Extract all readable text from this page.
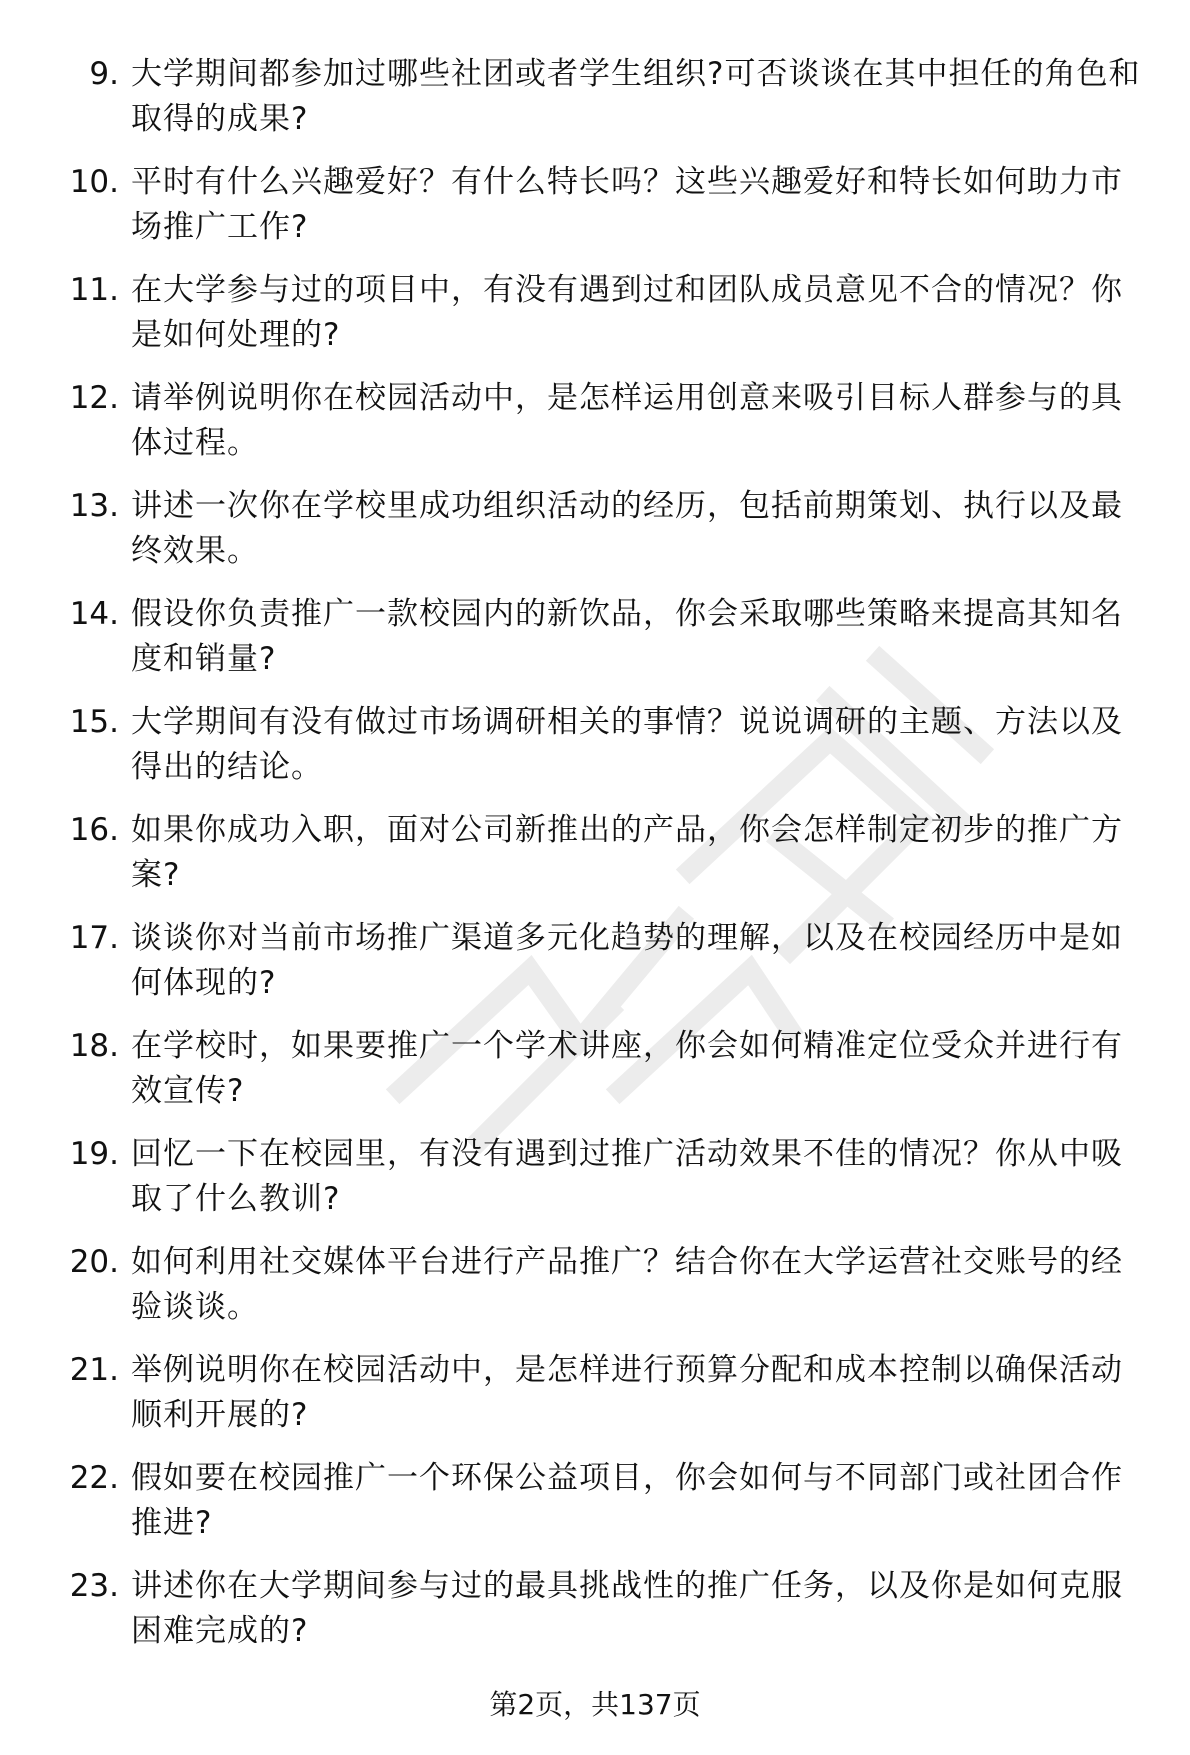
9. 大学期间都参加过哪些社团或者学生组织?可否谈谈在其中担任的角色和取得的成果?
10. 平时有什么兴趣爱好？有什么特长吗？这些兴趣爱好和特长如何助力市场推广工作?
11. 在大学参与过的项目中，有没有遇到过和团队成员意见不合的情况？你是如何处理的?
12. 请举例说明你在校园活动中，是怎样运用创意来吸引目标人群参与的具体过程。
13. 讲述一次你在学校里成功组织活动的经历，包括前期策划、执行以及最终效果。
14. 假设你负责推广一款校园内的新饮品，你会采取哪些策略来提高其知名度和销量?
15. 大学期间有没有做过市场调研相关的事情？说说调研的主题、方法以及得出的结论。
16. 如果你成功入职，面对公司新推出的产品，你会怎样制定初步的推广方案?
17. 谈谈你对当前市场推广渠道多元化趋势的理解，以及在校园经历中是如何体现的?
18. 在学校时，如果要推广一个学术讲座，你会如何精准定位受众并进行有效宣传?
19. 回忆一下在校园里，有没有遇到过推广活动效果不佳的情况？你从中吸取了什么教训?
20. 如何利用社交媒体平台进行产品推广？结合你在大学运营社交账号的经验谈谈。
21. 举例说明你在校园活动中，是怎样进行预算分配和成本控制以确保活动顺利开展的?
22. 假如要在校园推广一个环保公益项目，你会如何与不同部门或社团合作推进?
23. 讲述你在大学期间参与过的最具挑战性的推广任务，以及你是如何克服困难完成的?
第2页，共137页
